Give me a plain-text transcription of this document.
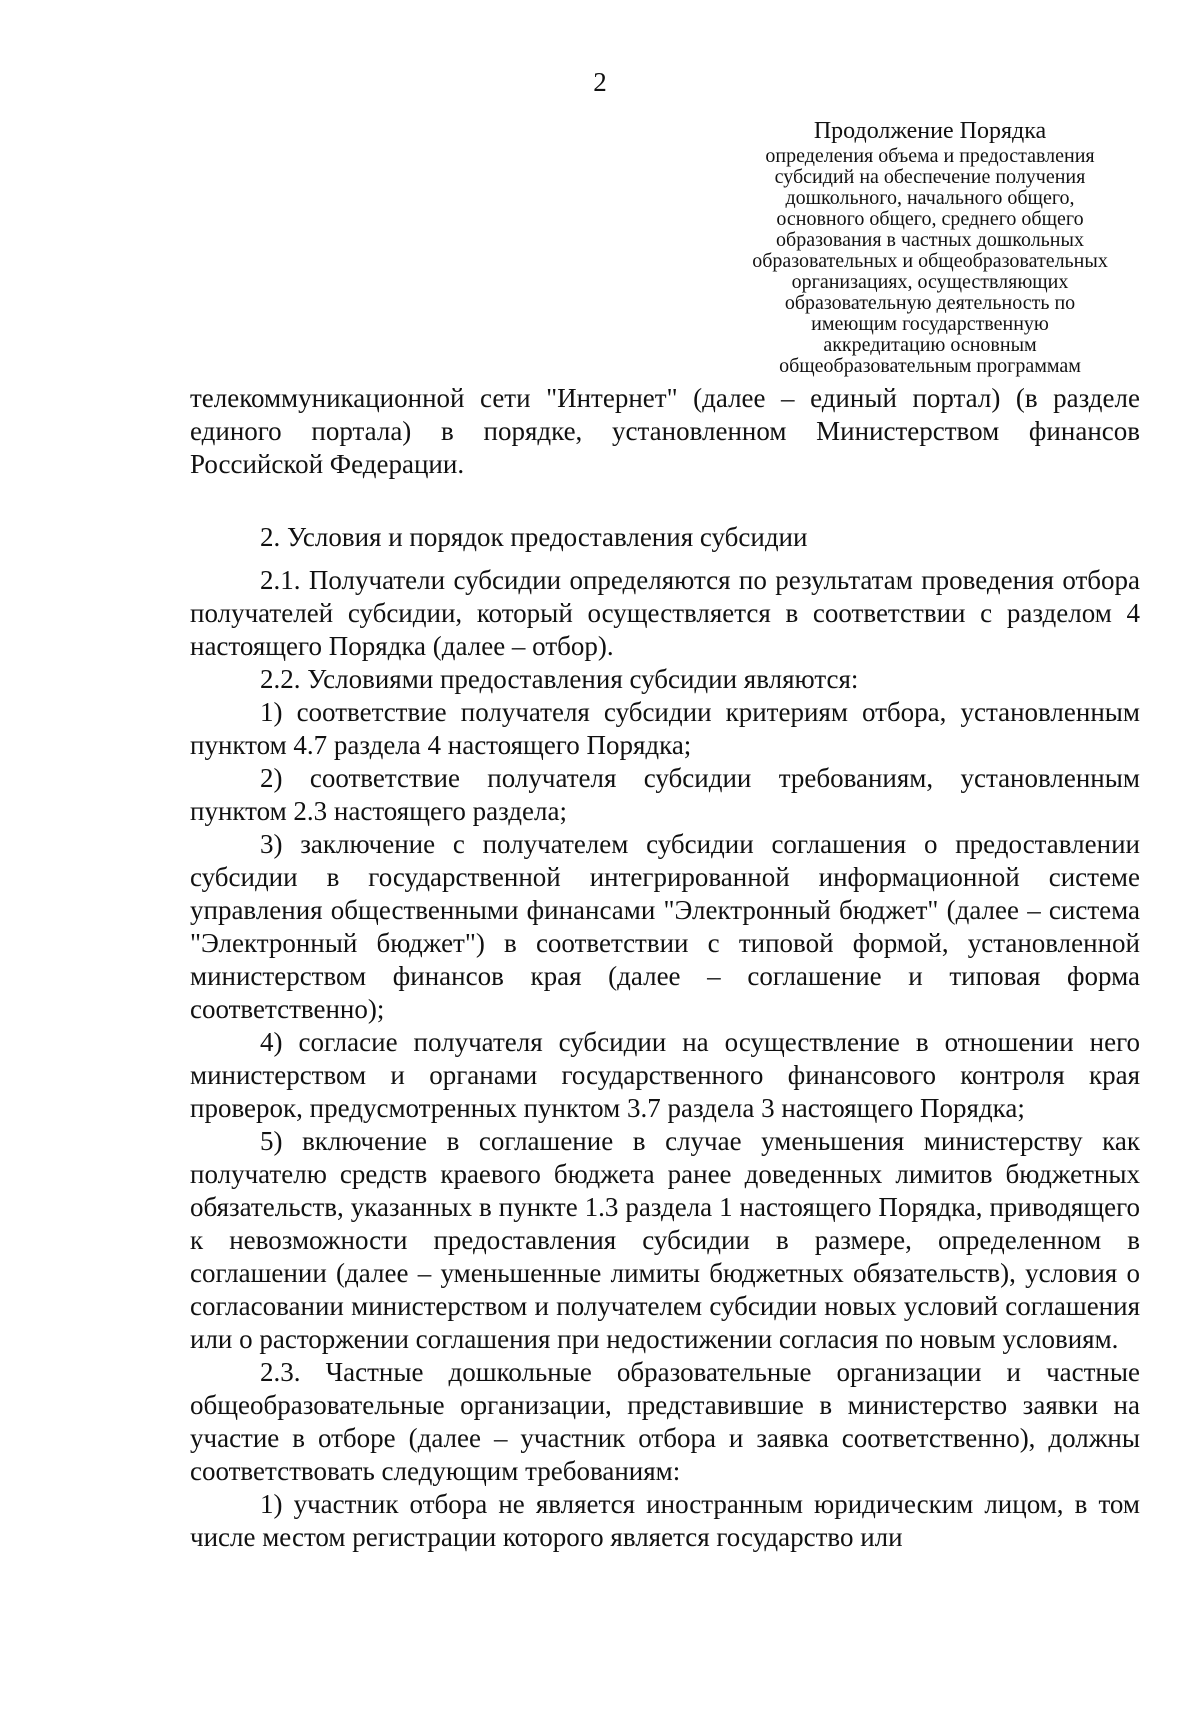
2
Продолжение Порядка
определения объема и предоставления
субсидий на обеспечение получения
дошкольного, начального общего,
основного общего, среднего общего
образования в частных дошкольных
образовательных и общеобразовательных
организациях, осуществляющих
образовательную деятельность по
имеющим государственную
аккредитацию основным
общеобразовательным программам

телекоммуникационной сети "Интернет" (далее – единый портал) (в разделе единого портала) в порядке, установленном Министерством финансов Российской Федерации.

2. Условия и порядок предоставления субсидии

2.1. Получатели субсидии определяются по результатам проведения отбора получателей субсидии, который осуществляется в соответствии с разделом 4 настоящего Порядка (далее – отбор).

2.2. Условиями предоставления субсидии являются:

1) соответствие получателя субсидии критериям отбора, установленным пунктом 4.7 раздела 4 настоящего Порядка;

2) соответствие получателя субсидии требованиям, установленным пунктом 2.3 настоящего раздела;

3) заключение с получателем субсидии соглашения о предоставлении субсидии в государственной интегрированной информационной системе управления общественными финансами "Электронный бюджет" (далее – система "Электронный бюджет") в соответствии с типовой формой, установленной министерством финансов края (далее – соглашение и типовая форма соответственно);

4) согласие получателя субсидии на осуществление в отношении него министерством и органами государственного финансового контроля края проверок, предусмотренных пунктом 3.7 раздела 3 настоящего Порядка;

5) включение в соглашение в случае уменьшения министерству как получателю средств краевого бюджета ранее доведенных лимитов бюджетных обязательств, указанных в пункте 1.3 раздела 1 настоящего Порядка, приводящего к невозможности предоставления субсидии в размере, определенном в соглашении (далее – уменьшенные лимиты бюджетных обязательств), условия о согласовании министерством и получателем субсидии новых условий соглашения или о расторжении соглашения при недостижении согласия по новым условиям.

2.3. Частные дошкольные образовательные организации и частные общеобразовательные организации, представившие в министерство заявки на участие в отборе (далее – участник отбора и заявка соответственно), должны соответствовать следующим требованиям:

1) участник отбора не является иностранным юридическим лицом, в том числе местом регистрации которого является государство или
